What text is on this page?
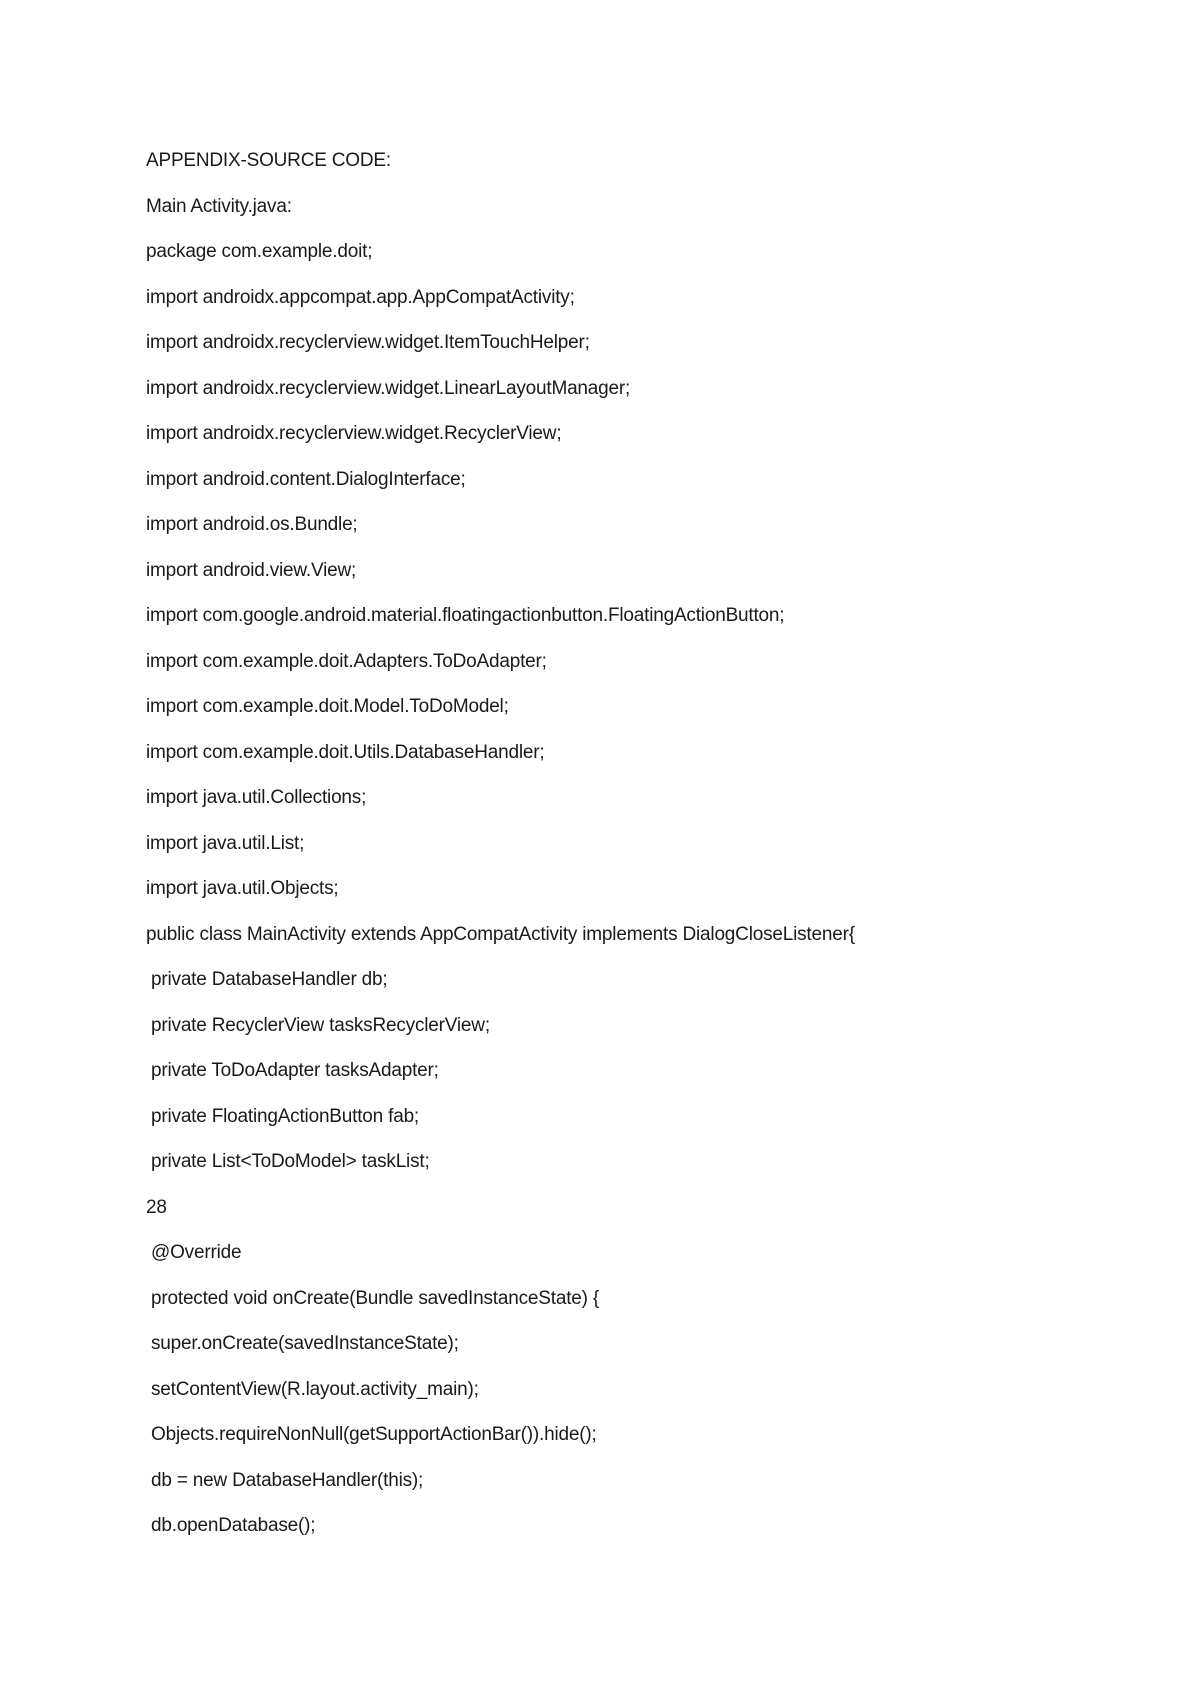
APPENDIX-SOURCE CODE:
Main Activity.java:
package com.example.doit;
import androidx.appcompat.app.AppCompatActivity;
import androidx.recyclerview.widget.ItemTouchHelper;
import androidx.recyclerview.widget.LinearLayoutManager;
import androidx.recyclerview.widget.RecyclerView;
import android.content.DialogInterface;
import android.os.Bundle;
import android.view.View;
import com.google.android.material.floatingactionbutton.FloatingActionButton;
import com.example.doit.Adapters.ToDoAdapter;
import com.example.doit.Model.ToDoModel;
import com.example.doit.Utils.DatabaseHandler;
import java.util.Collections;
import java.util.List;
import java.util.Objects;
public class MainActivity extends AppCompatActivity implements DialogCloseListener{
private DatabaseHandler db;
private RecyclerView tasksRecyclerView;
private ToDoAdapter tasksAdapter;
private FloatingActionButton fab;
private List<ToDoModel> taskList;
28
@Override
protected void onCreate(Bundle savedInstanceState) {
super.onCreate(savedInstanceState);
setContentView(R.layout.activity_main);
Objects.requireNonNull(getSupportActionBar()).hide();
db = new DatabaseHandler(this);
db.openDatabase();
